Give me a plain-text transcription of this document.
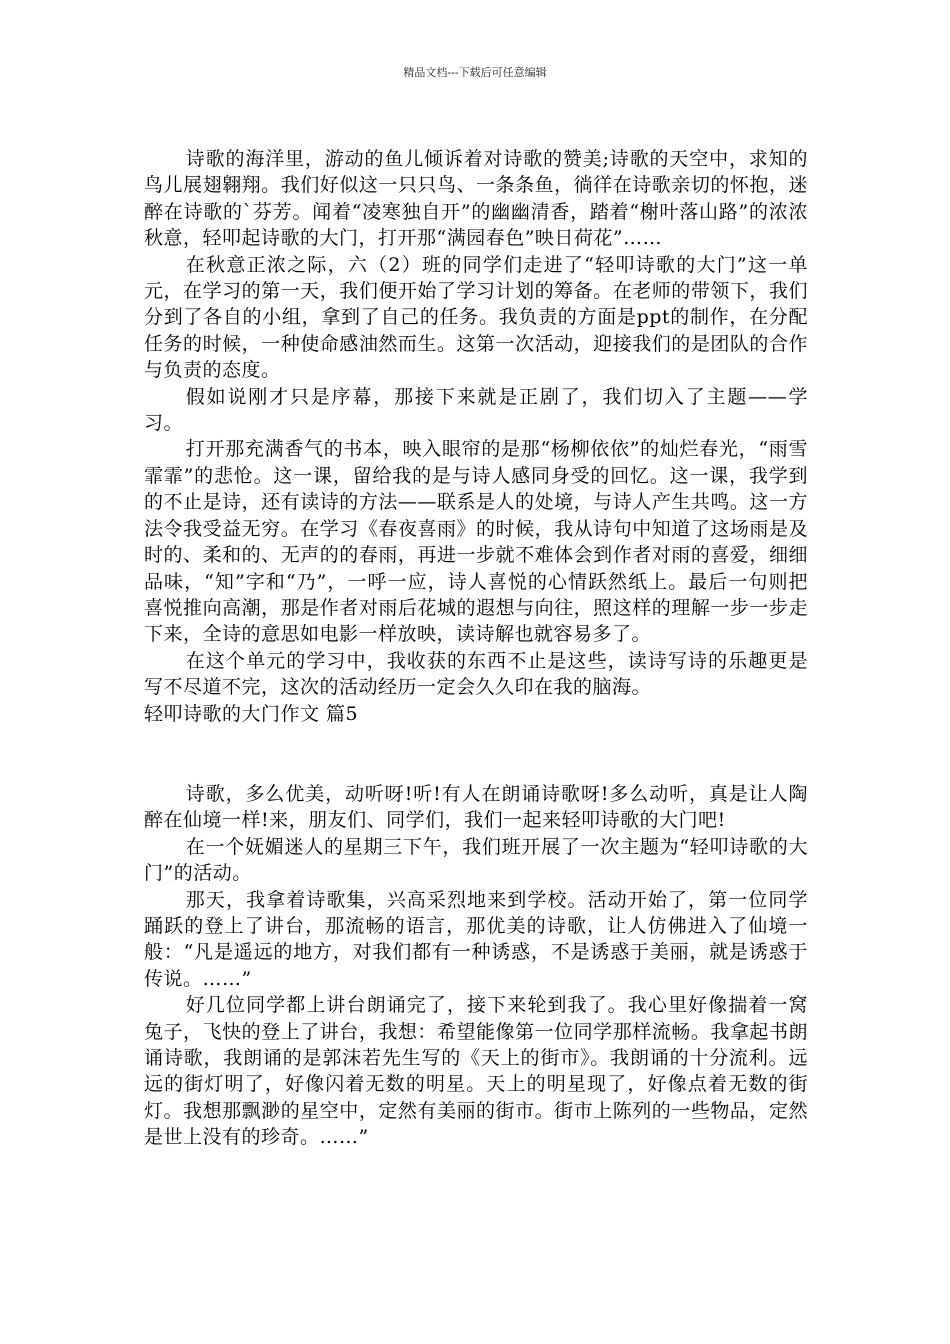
精品文档---下载后可任意编辑

诗歌的海洋里，游动的鱼儿倾诉着对诗歌的赞美;诗歌的天空中，求知的鸟儿展翅翱翔。我们好似这一只只鸟、一条条鱼，徜徉在诗歌亲切的怀抱，迷醉在诗歌的`芬芳。闻着“凌寒独自开”的幽幽清香，踏着“榭叶落山路”的浓浓秋意，轻叩起诗歌的大门，打开那“满园春色”映日荷花”……

在秋意正浓之际，六（2）班的同学们走进了“轻叩诗歌的大门”这一单元，在学习的第一天，我们便开始了学习计划的筹备。在老师的带领下，我们分到了各自的小组，拿到了自己的任务。我负责的方面是ppt的制作，在分配任务的时候，一种使命感油然而生。这第一次活动，迎接我们的是团队的合作与负责的态度。

假如说刚才只是序幕，那接下来就是正剧了，我们切入了主题——学习。

打开那充满香气的书本，映入眼帘的是那“杨柳依依”的灿烂春光，“雨雪霏霏”的悲怆。这一课，留给我的是与诗人感同身受的回忆。这一课，我学到的不止是诗，还有读诗的方法——联系是人的处境，与诗人产生共鸣。这一方法令我受益无穷。在学习《春夜喜雨》的时候，我从诗句中知道了这场雨是及时的、柔和的、无声的的春雨，再进一步就不难体会到作者对雨的喜爱，细细品味，“知”字和“乃”，一呼一应，诗人喜悦的心情跃然纸上。最后一句则把喜悦推向高潮，那是作者对雨后花城的遐想与向往，照这样的理解一步一步走下来，全诗的意思如电影一样放映，读诗解也就容易多了。

在这个单元的学习中，我收获的东西不止是这些，读诗写诗的乐趣更是写不尽道不完，这次的活动经历一定会久久印在我的脑海。

轻叩诗歌的大门作文 篇5

诗歌，多么优美，动听呀!听!有人在朗诵诗歌呀!多么动听，真是让人陶醉在仙境一样!来，朋友们、同学们，我们一起来轻叩诗歌的大门吧!

在一个妩媚迷人的星期三下午，我们班开展了一次主题为“轻叩诗歌的大门”的活动。

那天，我拿着诗歌集，兴高采烈地来到学校。活动开始了，第一位同学踊跃的登上了讲台，那流畅的语言，那优美的诗歌，让人仿佛进入了仙境一般：“凡是遥远的地方，对我们都有一种诱惑，不是诱惑于美丽，就是诱惑于传说。……”

好几位同学都上讲台朗诵完了，接下来轮到我了。我心里好像揣着一窝兔子，飞快的登上了讲台，我想：希望能像第一位同学那样流畅。我拿起书朗诵诗歌，我朗诵的是郭沫若先生写的《天上的街市》。我朗诵的十分流利。远远的街灯明了，好像闪着无数的明星。天上的明星现了，好像点着无数的街灯。我想那飘渺的星空中，定然有美丽的街市。街市上陈列的一些物品，定然是世上没有的珍奇。……”
